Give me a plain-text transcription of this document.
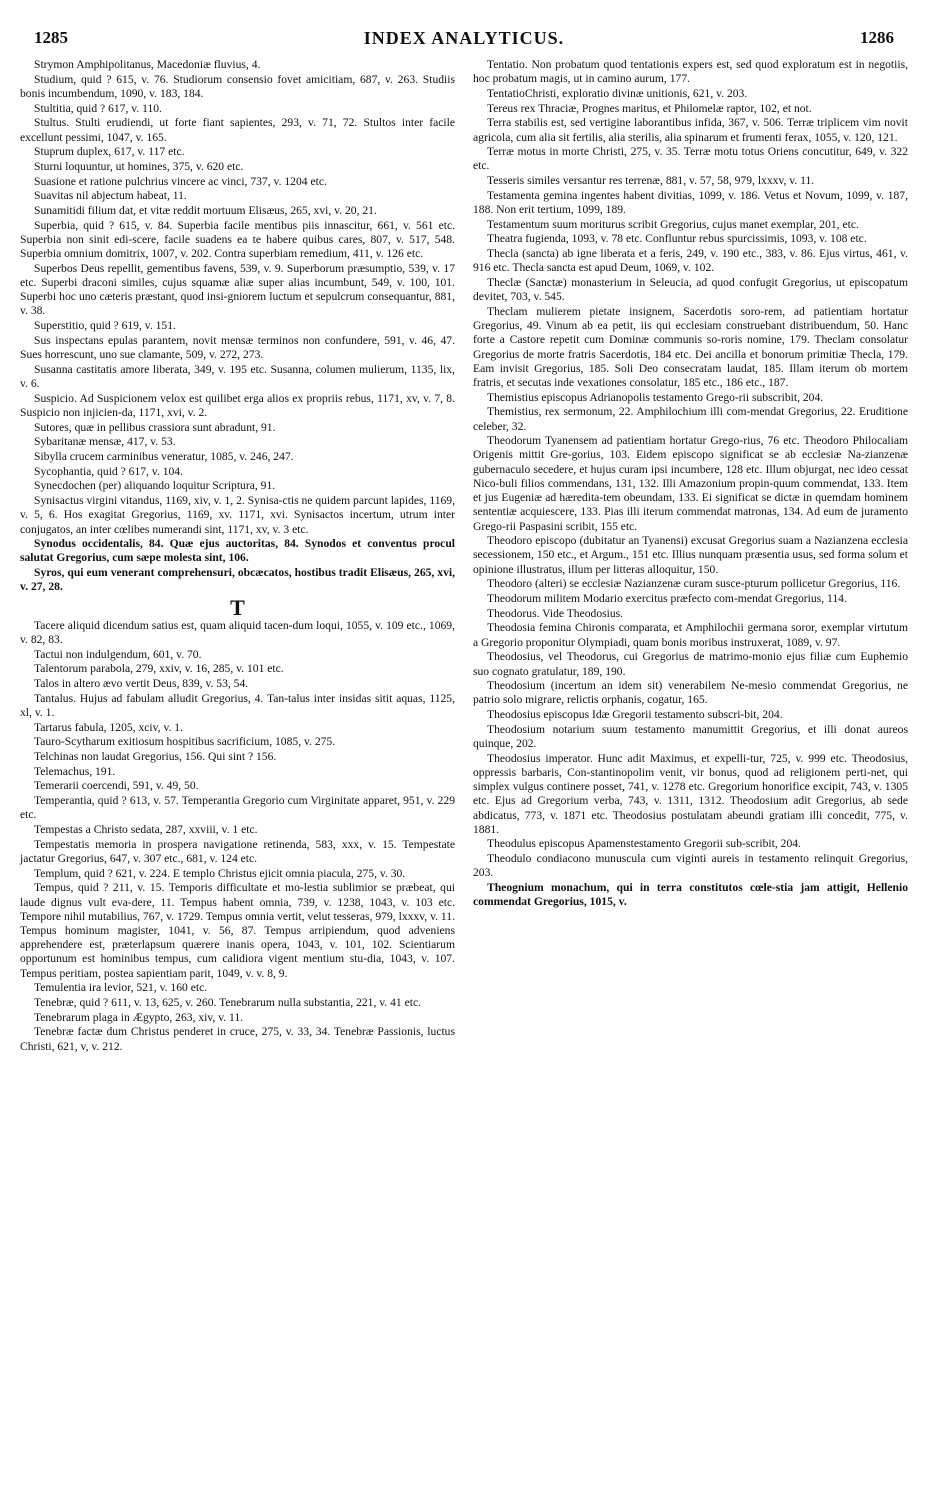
1285	INDEX ANALYTICUS.	1286

Strymon Amphipolitanus, Macedoniæ fluvius, 4.

Studium, quid ? 615, v. 76. Studiorum consensio fovet amicitiam, 687, v. 263. Studiis bonis incumbendum, 1090, v. 183, 184.

Stultitia, quid ? 617, v. 110.

Stultus. Stulti erudiendi, ut forte fiant sapientes, 293, v. 71, 72. Stultos inter facile excellunt pessimi, 1047, v. 165.

Stuprum duplex, 617, v. 117 etc.

Sturni loquuntur, ut homines, 375, v. 620 etc.

Suasione et ratione pulchrius vincere ac vinci, 737, v. 1204 etc.

Suavitas nil abjectum habeat, 11.

Sunamitidi filium dat, et vitæ reddit mortuum Elisæus, 265, xvi, v. 20, 21.

Superbia, quid ? 615, v. 84. Superbia facile mentibus piis innascitur, 661, v. 561 etc. Superbia non sinit edi-scere, facile suadens ea te habere quibus cares, 807, v. 517, 548. Superbia omnium domitrix, 1007, v. 202. Contra superbiam remedium, 411, v. 126 etc.

Superbos Deus repellit, gementibus favens, 539, v. 9. Superborum præsumptio, 539, v. 17 etc. Superbi draconi similes, cujus squamæ aliæ super alias incumbunt, 549, v. 100, 101. Superbi hoc uno cæteris præstant, quod insi-gniorem luctum et sepulcrum consequantur, 881, v. 38.

Superstitio, quid ? 619, v. 151.

Sus inspectans epulas parantem, novit mensæ terminos non confundere, 591, v. 46, 47. Sues horrescunt, uno sue clamante, 509, v. 272, 273.

Susanna castitatis amore liberata, 349, v. 195 etc. Susanna, columen mulierum, 1135, lix, v. 6.

Suspicio. Ad Suspicionem velox est quilibet erga alios ex propriis rebus, 1171, xv, v. 7, 8. Suspicio non injicien-da, 1171, xvi, v. 2.

Sutores, quæ in pellibus crassiora sunt abradunt, 91.

Sybaritanæ mensæ, 417, v. 53.

Sibylla crucem carminibus veneratur, 1085, v. 246, 247.

Sycophantia, quid ? 617, v. 104.

Synecdochen (per) aliquando loquitur Scriptura, 91.

Synisactus virgini vitandus, 1169, xiv, v. 1, 2. Synisa-ctis ne quidem parcunt lapides, 1169, v. 5, 6. Hos exagitat Gregorius, 1169, xv. 1171, xvi. Synisactos incertum, utrum inter conjugatos, an inter cœlibes numerandi sint, 1171, xv, v. 3 etc.

Synodus occidentalis, 84. Quæ ejus auctoritas, 84. Synodos et conventus procul salutat Gregorius, cum sæpe molesta sint, 106.

Syros, qui eum venerant comprehensuri, obcæcatos, hostibus tradit Elisæus, 265, xvi, v. 27, 28.

T

Tacere aliquid dicendum satius est, quam aliquid tacen-dum loqui, 1055, v. 109 etc., 1069, v. 82, 83.

Tactui non indulgendum, 601, v. 70.

Talentorum parabola, 279, xxiv, v. 16, 285, v. 101 etc.

Talos in altero ævo vertit Deus, 839, v. 53, 54.

Tantalus. Hujus ad fabulam alludit Gregorius, 4. Tan-talus inter insidas sitit aquas, 1125, xl, v. 1.

Tartarus fabula, 1205, xciv, v. 1.

Tauro-Scytharum exitiosum hospitibus sacrificium, 1085, v. 275.

Telchinas non laudat Gregorius, 156. Qui sint ? 156.

Telemachus, 191.

Temerarii coercendi, 591, v. 49, 50.

Temperantia, quid ? 613, v. 57. Temperantia Gregorio cum Virginitate apparet, 951, v. 229 etc.

Tempestas a Christo sedata, 287, xxviii, v. 1 etc.

Tempestatis memoria in prospera navigatione retinenda, 583, xxx, v. 15. Tempestate jactatur Gregorius, 647, v. 307 etc., 681, v. 124 etc.

Templum, quid ? 621, v. 224. E templo Christus ejicit omnia piacula, 275, v. 30.

Tempus, quid ? 211, v. 15. Temporis difficultate et mo-lestia sublimior se præbeat, qui laude dignus vult eva-dere, 11. Tempus habent omnia, 739, v. 1238, 1043, v. 103 etc. Tempore nihil mutabilius, 767, v. 1729. Tempus omnia vertit, velut tesseras, 979, lxxxv, v. 11. Tempus hominum magister, 1041, v. 56, 87. Tempus arripiendum, quod adveniens apprehendere est, præterlapsum quærere inanis opera, 1043, v. 101, 102. Scientiarum opportunum est hominibus tempus, cum calidiora vigent mentium stu-dia, 1043, v. 107. Tempus peritiam, postea sapientiam parit, 1049, v. v. 8, 9.

Temulentia ira levior, 521, v. 160 etc.

Tenebræ, quid ? 611, v. 13, 625, v. 260. Tenebrarum nulla substantia, 221, v. 41 etc.

Tenebrarum plaga in Ægypto, 263, xiv, v. 11.

Tenebræ factæ dum Christus penderet in cruce, 275, v. 33, 34. Tenebræ Passionis, luctus Christi, 621, v, v. 212.

Tentatio. Non probatum quod tentationis expers est, sed quod exploratum est in negotiis, hoc probatum magis, ut in camino aurum, 177.

TentatioChristi, exploratio divinæ unitionis, 621, v. 203.

Tereus rex Thraciæ, Prognes maritus, et Philomelæ raptor, 102, et not.

Terra stabilis est, sed vertigine laborantibus infida, 367, v. 506. Terræ triplicem vim novit agricola, cum alia sit fertilis, alia sterilis, alia spinarum et frumenti ferax, 1055, v. 120, 121.

Terræ motus in morte Christi, 275, v. 35. Terræ motu totus Oriens concutitur, 649, v. 322 etc.

Tesseris similes versantur res terrenæ, 881, v. 57, 58, 979, lxxxv, v. 11.

Testamenta gemina ingentes habent divitias, 1099, v. 186. Vetus et Novum, 1099, v. 187, 188. Non erit tertium, 1099, 189.

Testamentum suum moriturus scribit Gregorius, cujus manet exemplar, 201, etc.

Theatra fugienda, 1093, v. 78 etc. Confluntur rebus spurcissimis, 1093, v. 108 etc.

Thecla (sancta) ab igne liberata et a feris, 249, v. 190 etc., 383, v. 86. Ejus virtus, 461, v. 916 etc. Thecla sancta est apud Deum, 1069, v. 102.

Theclæ (Sanctæ) monasterium in Seleucia, ad quod confugit Gregorius, ut episcopatum devitet, 703, v. 545.

Theclam mulierem pietate insignem, Sacerdotis soro-rem, ad patientiam hortatur Gregorius, 49. Vinum ab ea petit, iis qui ecclesiam construebant distribuendum, 50. Hanc forte a Castore repetit cum Dominæ communis so-roris nomine, 179. Theclam consolatur Gregorius de morte fratris Sacerdotis, 184 etc. Dei ancilla et bonorum primitiæ Thecla, 179. Eam invisit Gregorius, 185. Soli Deo consecratam laudat, 185. Illam iterum ob mortem fratris, et secutas inde vexationes consolatur, 185 etc., 186 etc., 187.

Themistius episcopus Adrianopolis testamento Grego-rii subscribit, 204.

Themistius, rex sermonum, 22. Amphilochium illi com-mendat Gregorius, 22. Eruditione celeber, 32.

Theodorum Tyanensem ad patientiam hortatur Grego-rius, 76 etc. Theodoro Philocaliam Origenis mittit Gre-gorius, 103. Eidem episcopo significat se ab ecclesiæ Na-zianzenæ gubernaculo secedere, et hujus curam ipsi incumbere, 128 etc. Illum objurgat, nec ideo cessat Nico-buli filios commendans, 131, 132. Illi Amazonium propin-quum commendat, 133. Item et jus Eugeniæ ad hæredita-tem obeundam, 133. Ei significat se dictæ in quemdam hominem sententiæ acquiescere, 133. Pias illi iterum commendat matronas, 134. Ad eum de juramento Grego-rii Paspasini scribit, 155 etc.

Theodoro episcopo (dubitatur an Tyanensi) excusat Gregorius suam a Nazianzena ecclesia secessionem, 150 etc., et Argum., 151 etc. Illius nunquam præsentia usus, sed forma solum et opinione illustratus, illum per litteras alloquitur, 150.

Theodoro (alteri) se ecclesiæ Nazianzenæ curam susce-pturum pollicetur Gregorius, 116.

Theodorum militem Modario exercitus præfecto com-mendat Gregorius, 114.

Theodorus. Vide Theodosius.

Theodosia femina Chironis comparata, et Amphilochii germana soror, exemplar virtutum a Gregorio proponitur Olympiadi, quam bonis moribus instruxerat, 1089, v. 97.

Theodosius, vel Theodorus, cui Gregorius de matrimo-monio ejus filiæ cum Euphemio suo cognato gratulatur, 189, 190.

Theodosium (incertum an idem sit) venerabilem Ne-mesio commendat Gregorius, ne patrio solo migrare, relictis orphanis, cogatur, 165.

Theodosius episcopus Idæ Gregorii testamento subscri-bit, 204.

Theodosium notarium suum testamento manumittit Gregorius, et illi donat aureos quinque, 202.

Theodosius imperator. Hunc adit Maximus, et expelli-tur, 725, v. 999 etc. Theodosius, oppressis barbaris, Con-stantinopolim venit, vir bonus, quod ad religionem perti-net, qui simplex vulgus continere posset, 741, v. 1278 etc. Gregorium honorifice excipit, 743, v. 1305 etc. Ejus ad Gregorium verba, 743, v. 1311, 1312. Theodosium adit Gregorius, ab sede abdicatus, 773, v. 1871 etc. Theodosius postulatam abeundi gratiam illi concedit, 775, v. 1881.

Theodulus episcopus Apamenstestamento Gregorii sub-scribit, 204.

Theodulo condiacono munuscula cum viginti aureis in testamento relinquit Gregorius, 203.

Theognium monachum, qui in terra constitutos cœle-stia jam attigit, Hellenio commendat Gregorius, 1015, v.
